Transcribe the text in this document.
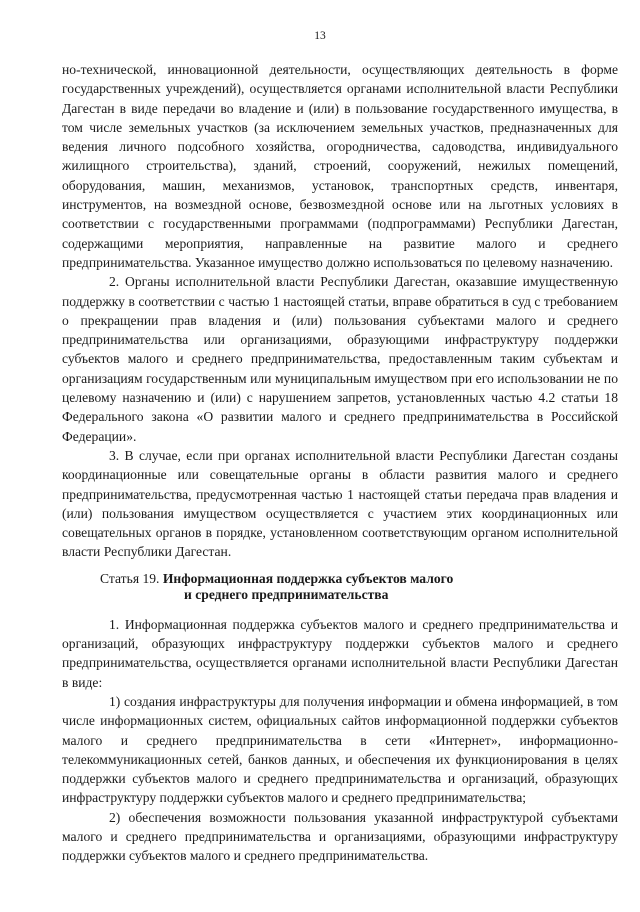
13

но-технической, инновационной деятельности, осуществляющих деятельность в форме государственных учреждений), осуществляется органами исполнительной власти Республики Дагестан в виде передачи во владение и (или) в пользование государственного имущества, в том числе земельных участков (за исключением земельных участков, предназначенных для ведения личного подсобного хозяйства, огородничества, садоводства, индивидуального жилищного строительства), зданий, строений, сооружений, нежилых помещений, оборудования, машин, механизмов, установок, транспортных средств, инвентаря, инструментов, на возмездной основе, безвозмездной основе или на льготных условиях в соответствии с государственными программами (подпрограммами) Республики Дагестан, содержащими мероприятия, направленные на развитие малого и среднего предпринимательства. Указанное имущество должно использоваться по целевому назначению.

2. Органы исполнительной власти Республики Дагестан, оказавшие имущественную поддержку в соответствии с частью 1 настоящей статьи, вправе обратиться в суд с требованием о прекращении прав владения и (или) пользования субъектами малого и среднего предпринимательства или организациями, образующими инфраструктуру поддержки субъектов малого и среднего предпринимательства, предоставленным таким субъектам и организациям государственным или муниципальным имуществом при его использовании не по целевому назначению и (или) с нарушением запретов, установленных частью 4.2 статьи 18 Федерального закона «О развитии малого и среднего предпринимательства в Российской Федерации».

3. В случае, если при органах исполнительной власти Республики Дагестан созданы координационные или совещательные органы в области развития малого и среднего предпринимательства, предусмотренная частью 1 настоящей статьи передача прав владения и (или) пользования имуществом осуществляется с участием этих координационных или совещательных органов в порядке, установленном соответствующим органом исполнительной власти Республики Дагестан.

Статья 19. Информационная поддержка субъектов малого
и среднего предпринимательства

1. Информационная поддержка субъектов малого и среднего предпринимательства и организаций, образующих инфраструктуру поддержки субъектов малого и среднего предпринимательства, осуществляется органами исполнительной власти Республики Дагестан в виде:

1) создания инфраструктуры для получения информации и обмена информацией, в том числе информационных систем, официальных сайтов информационной поддержки субъектов малого и среднего предпринимательства в сети «Интернет», информационно-телекоммуникационных сетей, банков данных, и обеспечения их функционирования в целях поддержки субъектов малого и среднего предпринимательства и организаций, образующих инфраструктуру поддержки субъектов малого и среднего предпринимательства;

2) обеспечения возможности пользования указанной инфраструктурой субъектами малого и среднего предпринимательства и организациями, образующими инфраструктуру поддержки субъектов малого и среднего предпринимательства.
